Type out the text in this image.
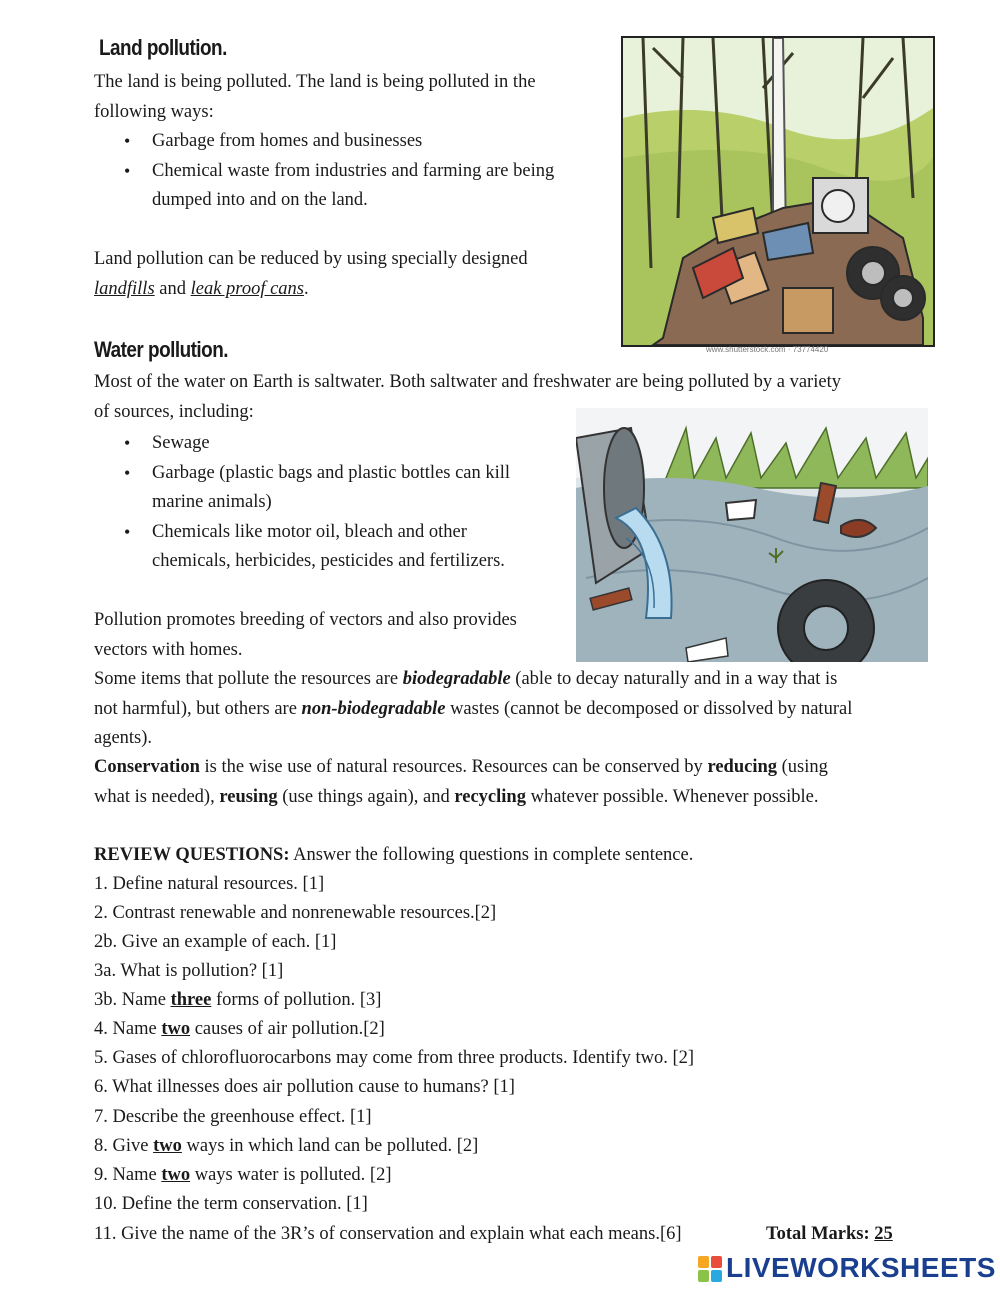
Land pollution.
The land is being polluted. The land is being polluted in the
following ways:
• Garbage from homes and businesses
• Chemical waste from industries and farming are being
dumped into and on the land.
Land pollution can be reduced by using specially designed
landfills and leak proof cans.
www.shutterstock.com · 73774420
Water pollution.
Most of the water on Earth is saltwater. Both saltwater and freshwater are being polluted by a variety
of sources, including:
• Sewage
• Garbage (plastic bags and plastic bottles can kill
marine animals)
• Chemicals like motor oil, bleach and other
chemicals, herbicides, pesticides and fertilizers.
Pollution promotes breeding of vectors and also provides
vectors with homes.
Some items that pollute the resources are biodegradable (able to decay naturally and in a way that is
not harmful), but others are non-biodegradable wastes (cannot be decomposed or dissolved by natural
agents).
Conservation is the wise use of natural resources. Resources can be conserved by reducing (using
what is needed), reusing (use things again), and recycling whatever possible. Whenever possible.
REVIEW QUESTIONS: Answer the following questions in complete sentence.
1. Define natural resources. [1]
2. Contrast renewable and nonrenewable resources.[2]
2b. Give an example of each. [1]
3a. What is pollution? [1]
3b. Name three forms of pollution. [3]
4. Name two causes of air pollution.[2]
5. Gases of chlorofluorocarbons may come from three products. Identify two. [2]
6. What illnesses does air pollution cause to humans? [1]
7. Describe the greenhouse effect. [1]
8. Give two ways in which land can be polluted. [2]
9. Name two ways water is polluted. [2]
10. Define the term conservation. [1]
11. Give the name of the 3R’s of conservation and explain what each means.[6]	Total Marks: 25
LIVEWORKSHEETS
